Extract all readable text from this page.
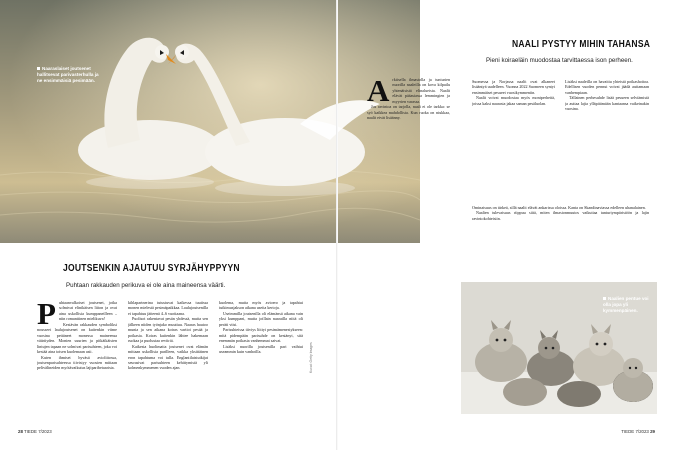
Naaraslaiset joutsenet hallitsevat parivasterhulla ja ne ensimmäisiä pesimään.
JOUTSENKIN AJAUTUU SYRJÄHYPPYYN
Puhtaan rakkauden perikuva ei ole aina maineensa väärti.

Puhtaanvalkoiset joutsenet, jotka solmivat elinikäisen liiton ja ovat aina uskollisia kumppaneilleen – niin romanttinen mielikuva!

Kestävän rakkauden symboliksi nousseet laulujoutsenet on kuitenkin viime vuosina pettäneet monessa maineensa väärtiyden. Monien suurien ja pitkäikäisten lintujen tapaan ne solmivat parisuhteen, joka voi kestää aina toisen kuolemaan asti.

Kuten ihmiset hyväsä avioliitossa, joutsenparisuhteessa tiivistyy vuosien mittaan pelivälineiden myötävaikutus lajiparibetaarista.

kihlapartnerina tutustuvat kaikessa tuutissa monen mielestä pesimäpaikkaa. Laulujoutsenilla ei tapahtuu jätteenä 4–6 vuotiaana.

Puolisot rakentavat pesän yhdessä, mutta sen jälkeen niiden työnjako muuttuu. Naaras hautoo munia ja sen aikana koiras vartioi pesää ja poikasia. Koiras kuitenkin lähtee hakemaan ruokaa ja puolustaa reviiriä.

Kaikesta huolimatta joutsenet ovat elämän mittaan uskollisia parilleen, vaikka yksittäinen eron tapahtuma voi tulla. Englantilaistutkijat seurasivat parisuhteen kehittymistä yli kolmenkymmenen vuoden ajan.

kuolema, mutta myös avioero ja tapahtui tutkimusjakson aikana useita kertoja.

Useimmilla joutsenilla oli elämänsä aikana vain yksi kumppani, mutta joillain naarailla niitä oli peräti viisi.

Parisuhteissa tiiviys liittyi pesimämenestykseen: mitä pidempään parisuhde on kestänyt, sitä enemmän poikasia vanhemmat saivat.

Lisäksi nuorilla joutsenilla pari vaihtui useammin kuin vanhoilla.	Kuvat: Getty Images
28 TIEDE 7/2023
NAALI PYSTYY MIHIN TAHANSA
Pieni koiraeläin muodostaa tarvittaessa ison perheen.

Arktisella ilmastolla ja tunturien nuorilla naaleilla on kova kilpailu yhtenäisistä elinalueista. Naalit elävät pääasiassa lemmingien ja myyrien varassa.

Jos ravintoa on tarjolla, naali ei ole tarkka: se syö kaikkea mahdollista. Kun ruoka on niukkaa, naalit eivät lisäänny.

Suomessa ja Norjassa naalit ovat alkaneet lisääntyä uudelleen. Vuonna 2022 Suomeen syntyi ensimmäiset pesueet vuosikymmeniin.

Naalit voivat muodostaa myös moniperheitä, joissa kaksi naarasta jakaa saman pesäluolan.

Lisäksi naaleilla on havaittu yhteistä poikashoitoa. Edellisen vuoden pennut voivat jäädä auttamaan vanhempiaan.

Tällainen perhesuhde lisää pesueen selviämistä ja auttaa lajia ylläpitämään kantaansa vaikeinakin vuosina.

Naalien pentue voi olla jopa yli kymmenpäinen.
TIEDE 7/2023 29

Ominaisuus on tärkeä, sillä naalit elävät ankarissa oloissa. Kanta on Skandinaviassa edelleen uhanalainen.

Naalien tulevaisuus riippuu siitä, miten ilmastonmuutos vaikuttaa tunturiympäristöön ja lajin ravintokohteisiin.
